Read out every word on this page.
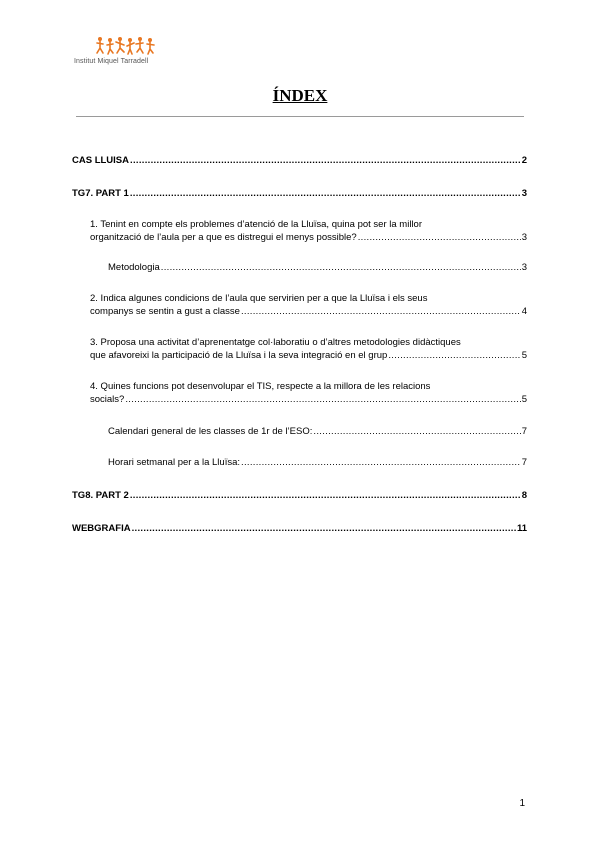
Institut Miquel Tarradell
ÍNDEX
CAS LLUISA .....	2
TG7. PART 1 .....	3
1. Tenint en compte els problemes d’atenció de la Lluïsa, quina pot ser la millor
organització de l’aula per a que es distregui el menys possible? .....	3
Metodologia .....	3
2. Indica algunes condicions de l’aula que servirien per a que la Lluïsa i els seus
companys se sentin a gust a classe .....	4
3. Proposa una activitat d’aprenentatge col·laboratiu o d’altres metodologies didàctiques
que afavoreixi la participació de la Lluïsa i la seva integració en el grup .....	5
4. Quines funcions pot desenvolupar el TIS, respecte a la millora de les relacions
socials? .....	5
Calendari general de les classes de 1r de l’ESO: .....	7
Horari setmanal per a la Lluïsa: .....	7
TG8. PART 2 .....	8
WEBGRAFIA .....	11
1
